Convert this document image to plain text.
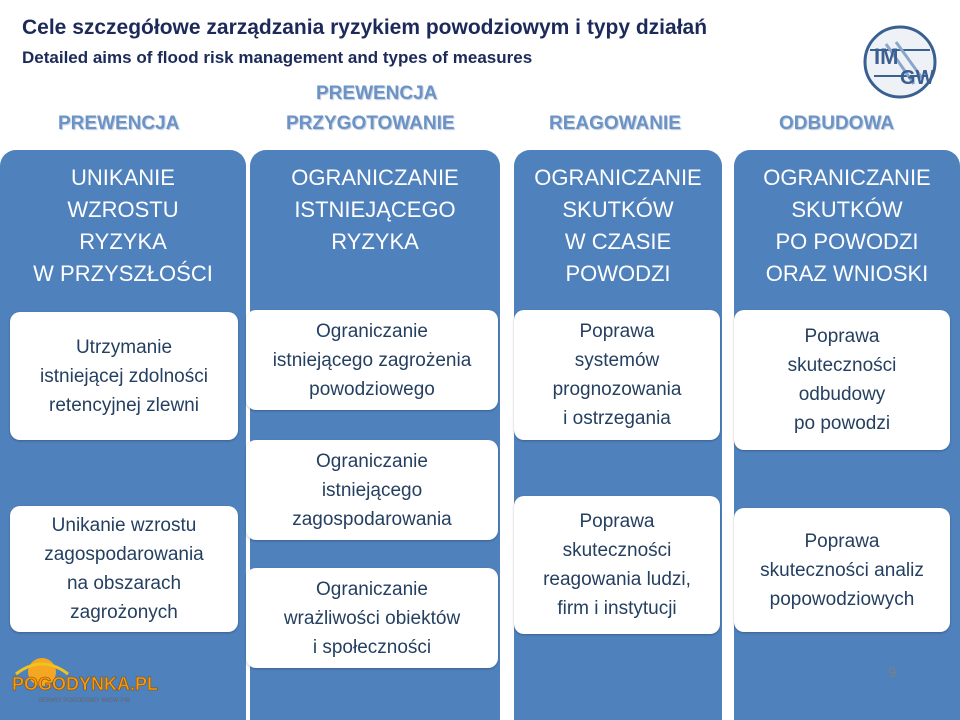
Cele szczegółowe zarządzania ryzykiem powodziowym i typy działań
Detailed aims of flood risk management and types of measures	IM
GW
PREWENCJA
PREWENCJA
PRZYGOTOWANIE	REAGOWANIE	ODBUDOWA
UNIKANIE
WZROSTU
RYZYKA
W PRZYSZŁOŚCI
OGRANICZANIE
ISTNIEJĄCEGO
RYZYKA
OGRANICZANIE
SKUTKÓW
W CZASIE
POWODZI
OGRANICZANIE
SKUTKÓW
PO POWODZI
ORAZ WNIOSKI
Utrzymanie
istniejącej zdolności
retencyjnej zlewni
Unikanie wzrostu
zagospodarowania
na obszarach
zagrożonych
Ograniczanie
istniejącego zagrożenia
powodziowego
Ograniczanie
istniejącego
zagospodarowania
Ograniczanie
wrażliwości obiektów
i społeczności
Poprawa
systemów
prognozowania
i ostrzegania
Poprawa
skuteczności
reagowania ludzi,
firm i instytucji
Poprawa
skuteczności
odbudowy
po powodzi
Poprawa
skuteczności analiz
popowodziowych
POGODYNKA.PL
SERWIS POGODOWY IMGW-PIB
9
